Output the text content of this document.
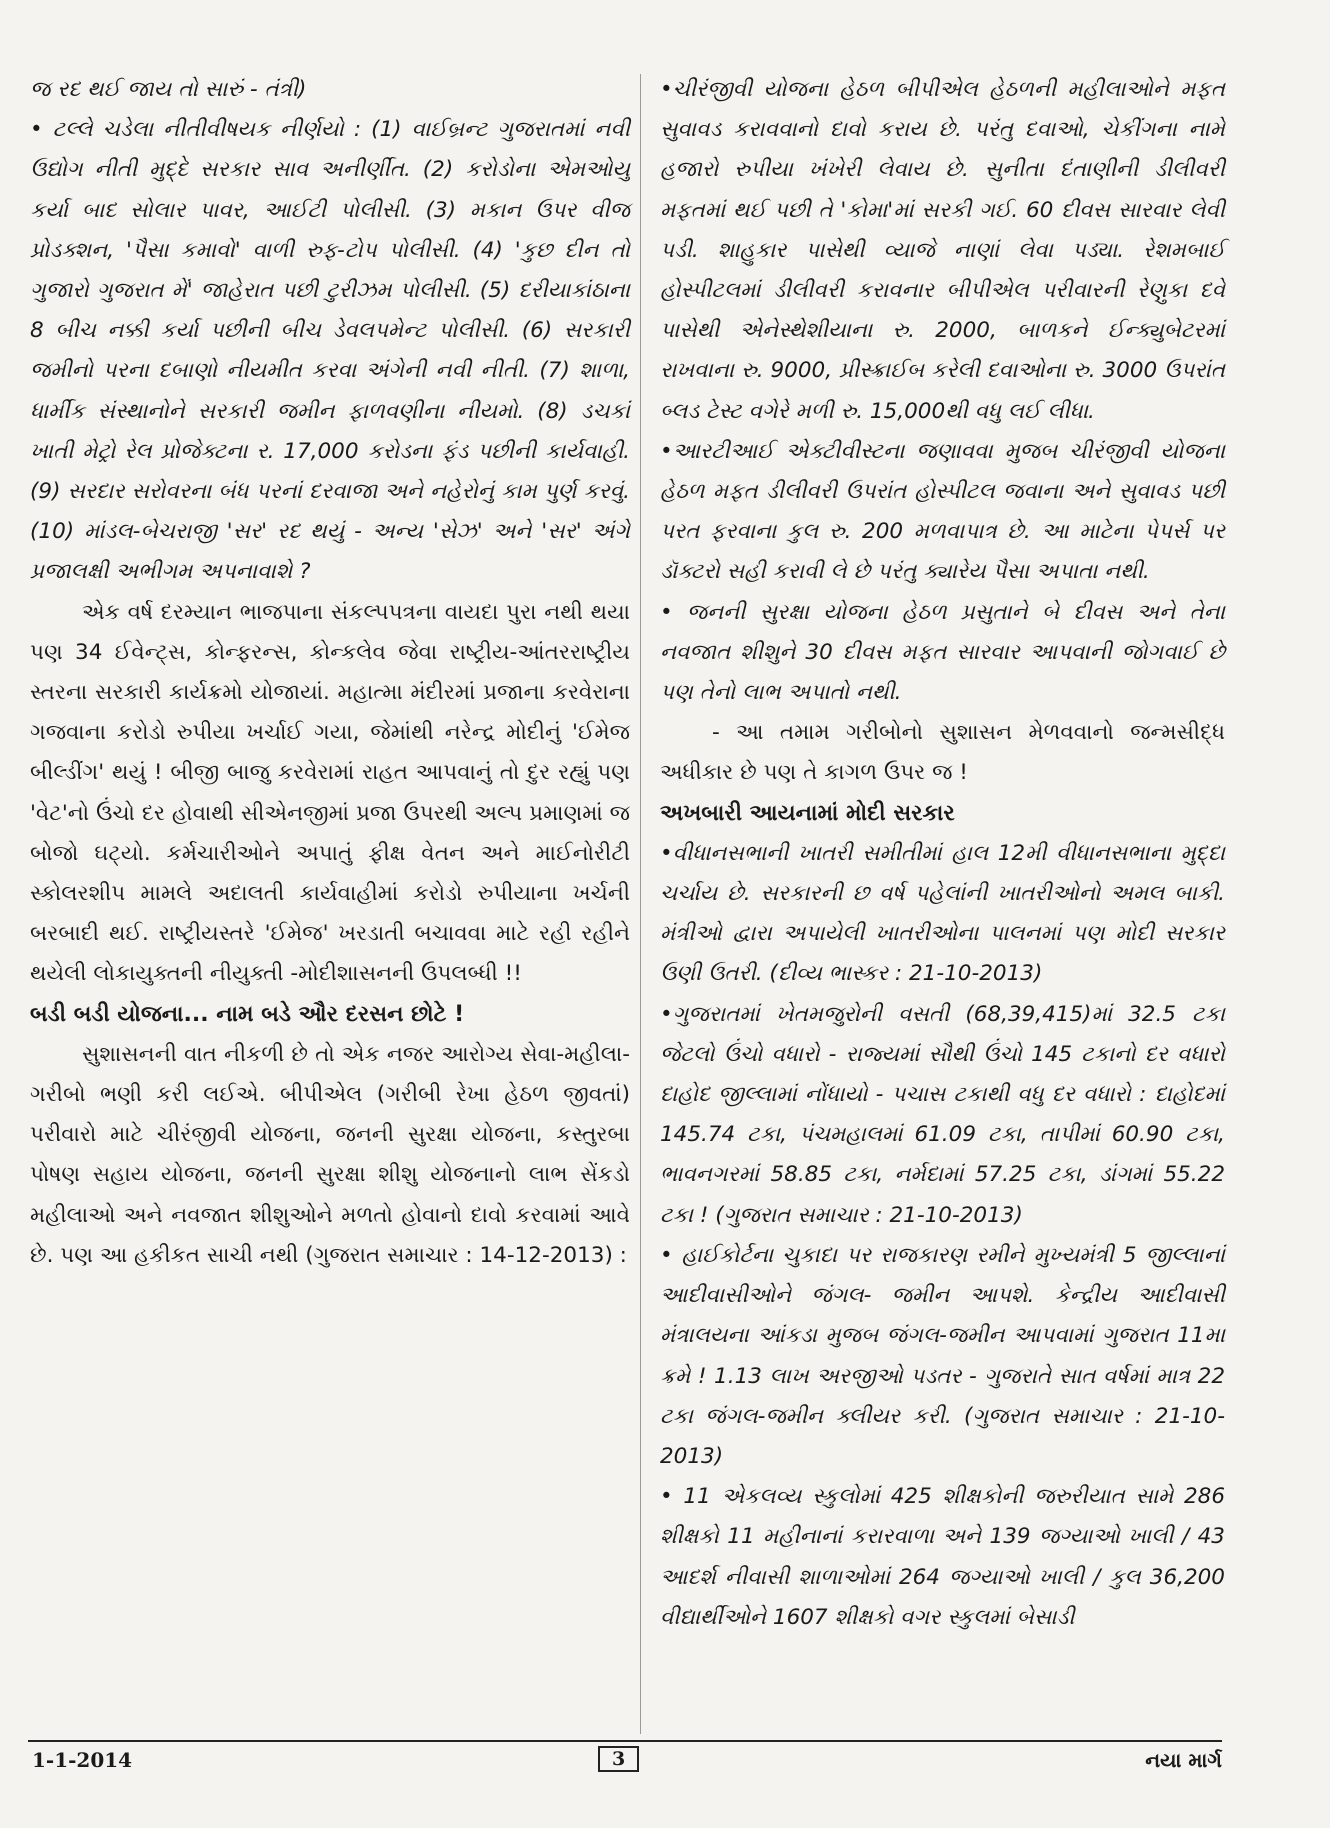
જ રદ થઈ જાય તો સારું - તંત્રી)

• ટલ્લે ચડેલા નીતીવીષયક નીર્ણયો : (1) વાઈબ્રન્ટ ગુજરાતમાં નવી ઉદ્યોગ નીતી મુદ્દે સરકાર સાવ અનીર્ણીત. (2) કરોડોના એમઓયુ કર્યા બાદ સોલાર પાવર, આઈટી પોલીસી. (3) મકાન ઉપર વીજ પ્રોડક્શન, 'પૈસા કમાવો' વાળી રુફ-ટોપ પોલીસી. (4) 'કુછ દીન તો ગુજારો ગુજરાત મેં' જાહેરાત પછી ટુરીઝમ પોલીસી. (5) દરીયાકાંઠાના 8 બીચ નક્કી કર્યા પછીની બીચ ડેવલપમેન્ટ પોલીસી. (6) સરકારી જમીનો પરના દબાણો નીયમીત કરવા અંગેની નવી નીતી. (7) શાળા, ધાર્મીક સંસ્થાનોને સરકારી જમીન ફાળવણીના નીયમો. (8) ડચકાં ખાતી મેટ્રો રેલ પ્રોજેક્ટના ર. 17,000 કરોડના ફંડ પછીની કાર્યવાહી. (9) સરદાર સરોવરના બંધ પરનાં દરવાજા અને નહેરોનું કામ પુર્ણ કરવું. (10) માંડલ-બેચરાજી 'સર' રદ થયું - અન્ય 'સેઝ' અને 'સર' અંગે પ્રજાલક્ષી અભીગમ અપનાવાશે ?

એક વર્ષ દરમ્યાન ભાજપાના સંકલ્પપત્રના વાયદા પુરા નથી થયા પણ 34 ઈવેન્ટ્સ, કોન્ફરન્સ, કોન્કલેવ જેવા રાષ્ટ્રીય-આંતરરાષ્ટ્રીય સ્તરના સરકારી કાર્યક્રમો યોજાયાં. મહાત્મા મંદીરમાં પ્રજાના કરવેરાના ગજવાના કરોડો રુપીયા ખર્ચાઈ ગયા, જેમાંથી નરેન્દ્ર મોદીનું 'ઈમેજ બીલ્ડીંગ' થયું ! બીજી બાજુ કરવેરામાં રાહત આપવાનું તો દુર રહ્યું પણ 'વેટ'નો ઉંચો દર હોવાથી સીએનજીમાં પ્રજા ઉપરથી અલ્પ પ્રમાણમાં જ બોજો ઘટ્યો. કર્મચારીઓને અપાતું ફીક્ષ વેતન અને માઈનોરીટી સ્કોલરશીપ મામલે અદાલતી કાર્યવાહીમાં કરોડો રુપીયાના ખર્ચની બરબાદી થઈ. રાષ્ટ્રીયસ્તરે 'ઈમેજ' ખરડાતી બચાવવા માટે રહી રહીને થયેલી લોકાયુક્તની નીયુક્તી -મોદીશાસનની ઉપલબ્ધી !!

બડી બડી યોજના... નામ બડે ઔર દરસન છોટે !

સુશાસનની વાત નીકળી છે તો એક નજર આરોગ્ય સેવા-મહીલા-ગરીબો ભણી કરી લઈએ. બીપીએલ (ગરીબી રેખા હેઠળ જીવતાં) પરીવારો માટે ચીરંજીવી યોજના, જનની સુરક્ષા યોજના, કસ્તુરબા પોષણ સહાય યોજના, જનની સુરક્ષા શીશુ યોજનાનો લાભ સેંકડો મહીલાઓ અને નવજાત શીશુઓને મળતો હોવાનો દાવો કરવામાં આવે છે. પણ આ હકીકત સાચી નથી (ગુજરાત સમાચાર : 14-12-2013) :

•ચીરંજીવી યોજના હેઠળ બીપીએલ હેઠળની મહીલાઓને મફત સુવાવડ કરાવવાનો દાવો કરાય છે. પરંતુ દવાઓ, ચેકીંગના નામે હજારો રુપીયા ખંખેરી લેવાય છે. સુનીતા દંતાણીની ડીલીવરી મફતમાં થઈ પછી તે 'કોમા'માં સરકી ગઈ. 60 દીવસ સારવાર લેવી પડી. શાહુકાર પાસેથી વ્યાજે નાણાં લેવા પડ્યા. રેશમબાઈ હોસ્પીટલમાં ડીલીવરી કરાવનાર બીપીએલ પરીવારની રેણુકા દવે પાસેથી એનેસ્થેશીયાના રુ. 2000, બાળકને ઈન્ક્યુબેટરમાં રાખવાના રુ. 9000, પ્રીસ્ક્રાઈબ કરેલી દવાઓના રુ. 3000 ઉપરાંત બ્લડ ટેસ્ટ વગેરે મળી રુ. 15,000થી વધુ લઈ લીધા.

•આરટીઆઈ એક્ટીવીસ્ટના જણાવવા મુજબ ચીરંજીવી યોજના હેઠળ મફત ડીલીવરી ઉપરાંત હોસ્પીટલ જવાના અને સુવાવડ પછી પરત ફરવાના કુલ રુ. 200 મળવાપાત્ર છે. આ માટેના પેપર્સ પર ડૉક્ટરો સહી કરાવી લે છે પરંતુ ક્યારેય પૈસા અપાતા નથી.

• જનની સુરક્ષા યોજના હેઠળ પ્રસુતાને બે દીવસ અને તેના નવજાત શીશુને 30 દીવસ મફત સારવાર આપવાની જોગવાઈ છે પણ તેનો લાભ અપાતો નથી.

- આ તમામ ગરીબોનો સુશાસન મેળવવાનો જન્મસીદ્ધ અધીકાર છે પણ તે કાગળ ઉપર જ !

અખબારી આયનામાં મોદી સરકાર

•વીધાનસભાની ખાતરી સમીતીમાં હાલ 12મી વીધાનસભાના મુદ્દા ચર્ચાય છે. સરકારની છ વર્ષ પહેલાંની ખાતરીઓનો અમલ બાકી. મંત્રીઓ દ્વારા અપાયેલી ખાતરીઓના પાલનમાં પણ મોદી સરકાર ઉણી ઉતરી. (દીવ્ય ભાસ્કર : 21-10-2013)

•ગુજરાતમાં ખેતમજુરોની વસતી (68,39,415)માં 32.5 ટકા જેટલો ઉંચો વધારો - રાજ્યમાં સૌથી ઉંચો 145 ટકાનો દર વધારો દાહોદ જીલ્લામાં નોંધાયો - પચાસ ટકાથી વધુ દર વધારો : દાહોદમાં 145.74 ટકા, પંચમહાલમાં 61.09 ટકા, તાપીમાં 60.90 ટકા, ભાવનગરમાં 58.85 ટકા, નર્મદામાં 57.25 ટકા, ડાંગમાં 55.22 ટકા ! (ગુજરાત સમાચાર : 21-10-2013)

• હાઈકોર્ટના ચુકાદા પર રાજકારણ રમીને મુખ્યમંત્રી 5 જીલ્લાનાં આદીવાસીઓને જંગલ- જમીન આપશે. કેન્દ્રીય આદીવાસી મંત્રાલયના આંકડા મુજબ જંગલ-જમીન આપવામાં ગુજરાત 11મા ક્રમે ! 1.13 લાખ અરજીઓ પડતર - ગુજરાતે સાત વર્ષમાં માત્ર 22 ટકા જંગલ-જમીન ક્લીયર કરી. (ગુજરાત સમાચાર : 21-10-2013)

• 11 એકલવ્ય સ્કુલોમાં 425 શીક્ષકોની જરુરીયાત સામે 286 શીક્ષકો 11 મહીનાનાં કરારવાળા અને 139 જગ્યાઓ ખાલી / 43 આદર્શ નીવાસી શાળાઓમાં 264 જગ્યાઓ ખાલી / કુલ 36,200 વીદ્યાર્થીઓને 1607 શીક્ષકો વગર સ્કુલમાં બેસાડી

1-1-2014	3	નયા માર્ગ
